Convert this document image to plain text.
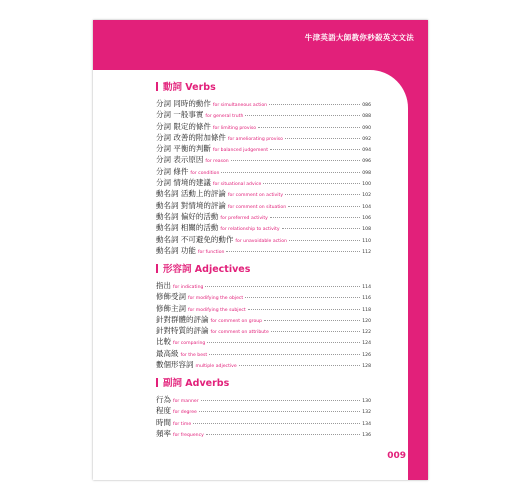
牛津英語大師教你秒殺英文文法
動詞 Verbs
分詞 同時的動作 for simultaneous action	086
分詞 一般事實 for general truth	088
分詞 限定的條件 for limiting proviso	090
分詞 改善的附加條件 for ameliorating proviso	092
分詞 平衡的判斷 for balanced judgement	094
分詞 表示原因 for reason	096
分詞 條件 for condition	098
分詞 情境的建議 for situational advice	100
動名詞 活動上的評論 for comment on activity	102
動名詞 對情境的評論 for comment on situation	104
動名詞 偏好的活動 for preferred activity	106
動名詞 相關的活動 for relationship to activity	108
動名詞 不可避免的動作 for unavoidable action	110
動名詞 功能 for function	112
形容詞 Adjectives
指出 for indicating	114
修飾受詞 for modifying the object	116
修飾主詞 for modifying the subject	118
針對群體的評論 for comment on group	120
針對特質的評論 for comment on attribute	122
比較 for comparing	124
最高級 for the best	126
數個形容詞 multiple adjective	128
副詞 Adverbs
行為 for manner	130
程度 for degree	132
時間 for time	134
頻率 for frequency	136
009
